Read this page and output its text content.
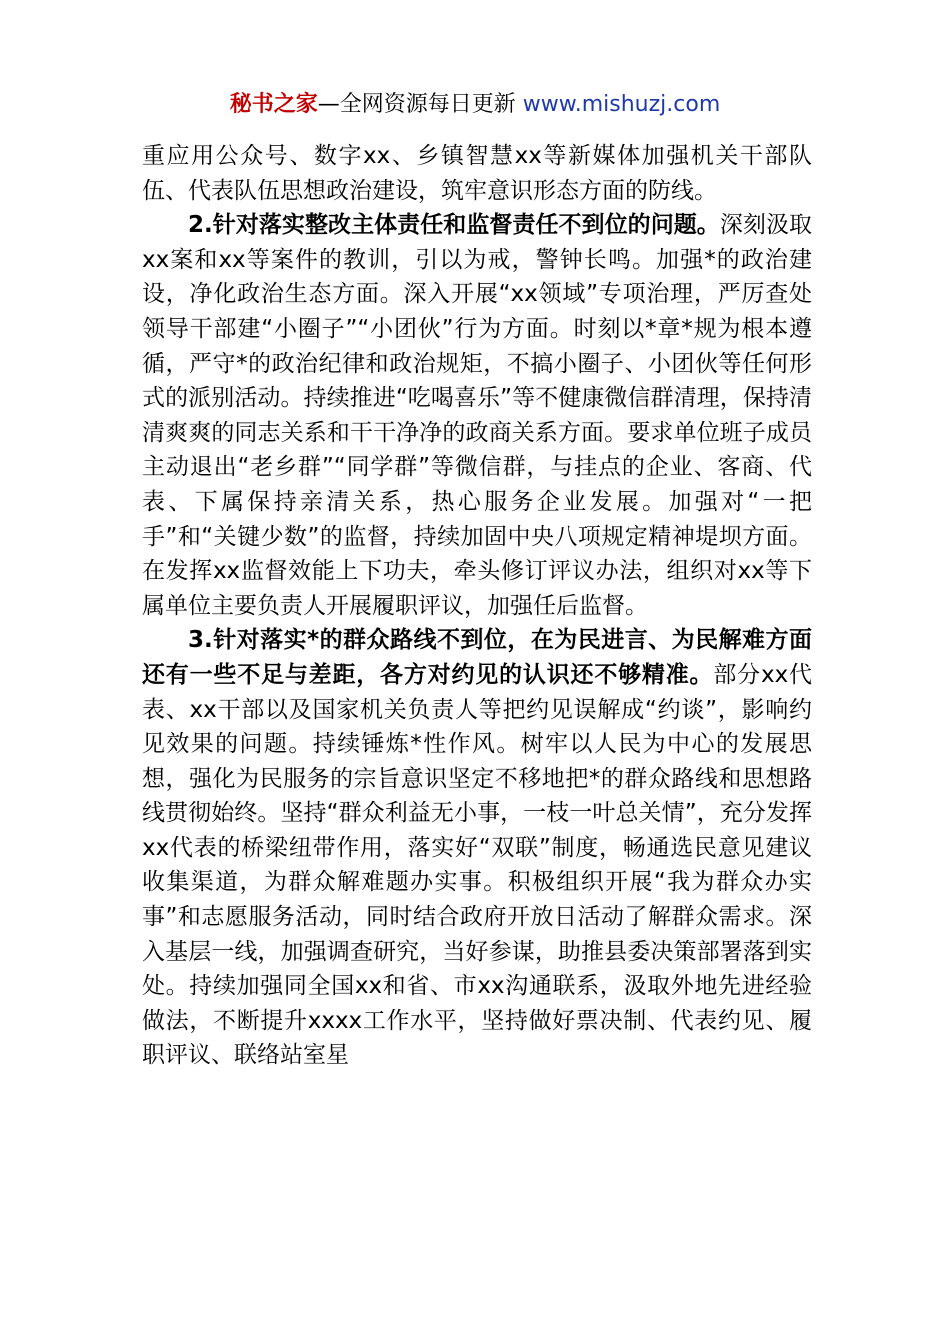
秘书之家—全网资源每日更新 www.mishuzj.com

重应用公众号、数字xx、乡镇智慧xx等新媒体加强机关干部队伍、代表队伍思想政治建设，筑牢意识形态方面的防线。

2.针对落实整改主体责任和监督责任不到位的问题。深刻汲取xx案和xx等案件的教训，引以为戒，警钟长鸣。加强*的政治建设，净化政治生态方面。深入开展“xx领域”专项治理，严厉查处领导干部建“小圈子”“小团伙”行为方面。时刻以*章*规为根本遵循，严守*的政治纪律和政治规矩，不搞小圈子、小团伙等任何形式的派别活动。持续推进“吃喝喜乐”等不健康微信群清理，保持清清爽爽的同志关系和干干净净的政商关系方面。要求单位班子成员主动退出“老乡群”“同学群”等微信群，与挂点的企业、客商、代表、下属保持亲清关系，热心服务企业发展。加强对“一把手”和“关键少数”的监督，持续加固中央八项规定精神堤坝方面。在发挥xx监督效能上下功夫，牵头修订评议办法，组织对xx等下属单位主要负责人开展履职评议，加强任后监督。

3.针对落实*的群众路线不到位，在为民进言、为民解难方面还有一些不足与差距，各方对约见的认识还不够精准。部分xx代表、xx干部以及国家机关负责人等把约见误解成“约谈”，影响约见效果的问题。持续锤炼*性作风。树牢以人民为中心的发展思想，强化为民服务的宗旨意识坚定不移地把*的群众路线和思想路线贯彻始终。坚持“群众利益无小事，一枝一叶总关情”，充分发挥xx代表的桥梁纽带作用，落实好“双联”制度，畅通选民意见建议收集渠道，为群众解难题办实事。积极组织开展“我为群众办实事”和志愿服务活动，同时结合政府开放日活动了解群众需求。深入基层一线，加强调查研究，当好参谋，助推县委决策部署落到实处。持续加强同全国xx和省、市xx沟通联系，汲取外地先进经验做法，不断提升xxxx工作水平，坚持做好票决制、代表约见、履职评议、联络站室星
